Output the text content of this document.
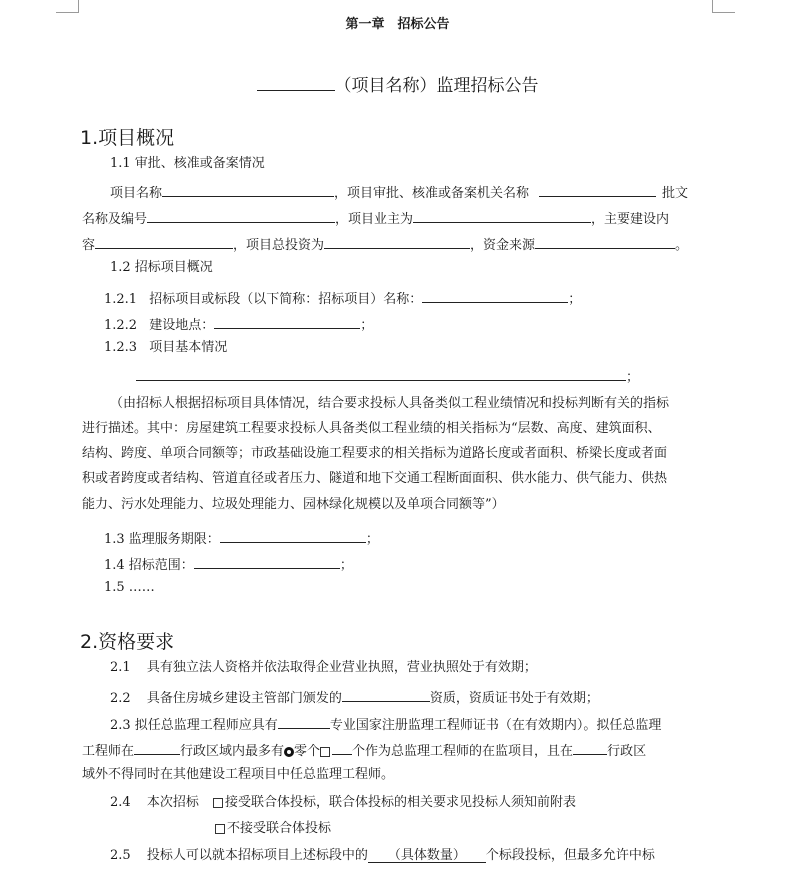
第一章　招标公告
（项目名称）监理招标公告
1.项目概况
1.1 审批、核准或备案情况
项目名称	，项目审批、核准或备案机关名称	批文
名称及编号	，项目业主为	，主要建设内
容	，项目总投资为	，资金来源	。
1.2 招标项目概况
1.2.1 招标项目或标段（以下简称：招标项目）名称：	；
1.2.2 建设地点：	；
1.2.3 项目基本情况
；
（由招标人根据招标项目具体情况，结合要求投标人具备类似工程业绩情况和投标判断有关的指标
进行描述。其中：房屋建筑工程要求投标人具备类似工程业绩的相关指标为“层数、高度、建筑面积、
结构、跨度、单项合同额等；市政基础设施工程要求的相关指标为道路长度或者面积、桥梁长度或者面
积或者跨度或者结构、管道直径或者压力、隧道和地下交通工程断面面积、供水能力、供气能力、供热
能力、污水处理能力、垃圾处理能力、园林绿化规模以及单项合同额等”）
1.3 监理服务期限：	；
1.4 招标范围：	；
1.5 ……
2.资格要求
2.1 具有独立法人资格并依法取得企业营业执照，营业执照处于有效期；
2.2 具备住房城乡建设主管部门颁发的	资质，资质证书处于有效期；
2.3 拟任总监理工程师应具有	专业国家注册监理工程师证书（在有效期内）。拟任总监理
工程师在	行政区域内最多有 零个 个作为总监理工程师的在监项目，且在	行政区
域外不得同时在其他建设工程项目中任总监理工程师。
2.4 本次招标 接受联合体投标，联合体投标的相关要求见投标人须知前附表
不接受联合体投标
2.5 投标人可以就本招标项目上述标段中的 （具体数量） 个标段投标，但最多允许中标
